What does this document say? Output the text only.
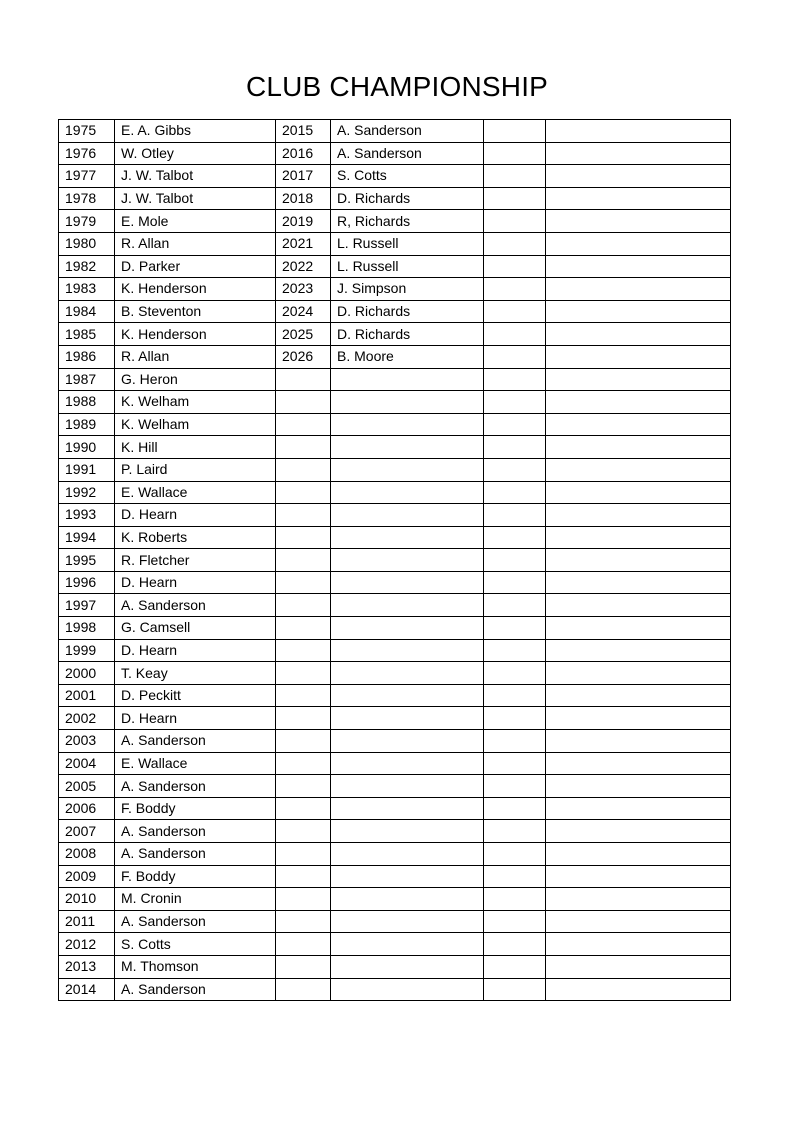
CLUB CHAMPIONSHIP
1975	E. A. Gibbs	2015	A. Sanderson		
1976	W. Otley	2016	A. Sanderson		
1977	J. W. Talbot	2017	S. Cotts		
1978	J. W. Talbot	2018	D. Richards		
1979	E. Mole	2019	R, Richards		
1980	R. Allan	2021	L. Russell		
1982	D. Parker	2022	L. Russell		
1983	K. Henderson	2023	J. Simpson		
1984	B. Steventon	2024	D. Richards		
1985	K. Henderson	2025	D. Richards		
1986	R. Allan	2026	B. Moore		
1987	G. Heron				
1988	K. Welham				
1989	K. Welham				
1990	K. Hill				
1991	P. Laird				
1992	E. Wallace				
1993	D. Hearn				
1994	K. Roberts				
1995	R. Fletcher				
1996	D. Hearn				
1997	A. Sanderson				
1998	G. Camsell				
1999	D. Hearn				
2000	T. Keay				
2001	D. Peckitt				
2002	D. Hearn				
2003	A. Sanderson				
2004	E. Wallace				
2005	A. Sanderson				
2006	F. Boddy				
2007	A. Sanderson				
2008	A. Sanderson				
2009	F. Boddy				
2010	M. Cronin				
2011	A. Sanderson				
2012	S. Cotts				
2013	M. Thomson				
2014	A. Sanderson				
